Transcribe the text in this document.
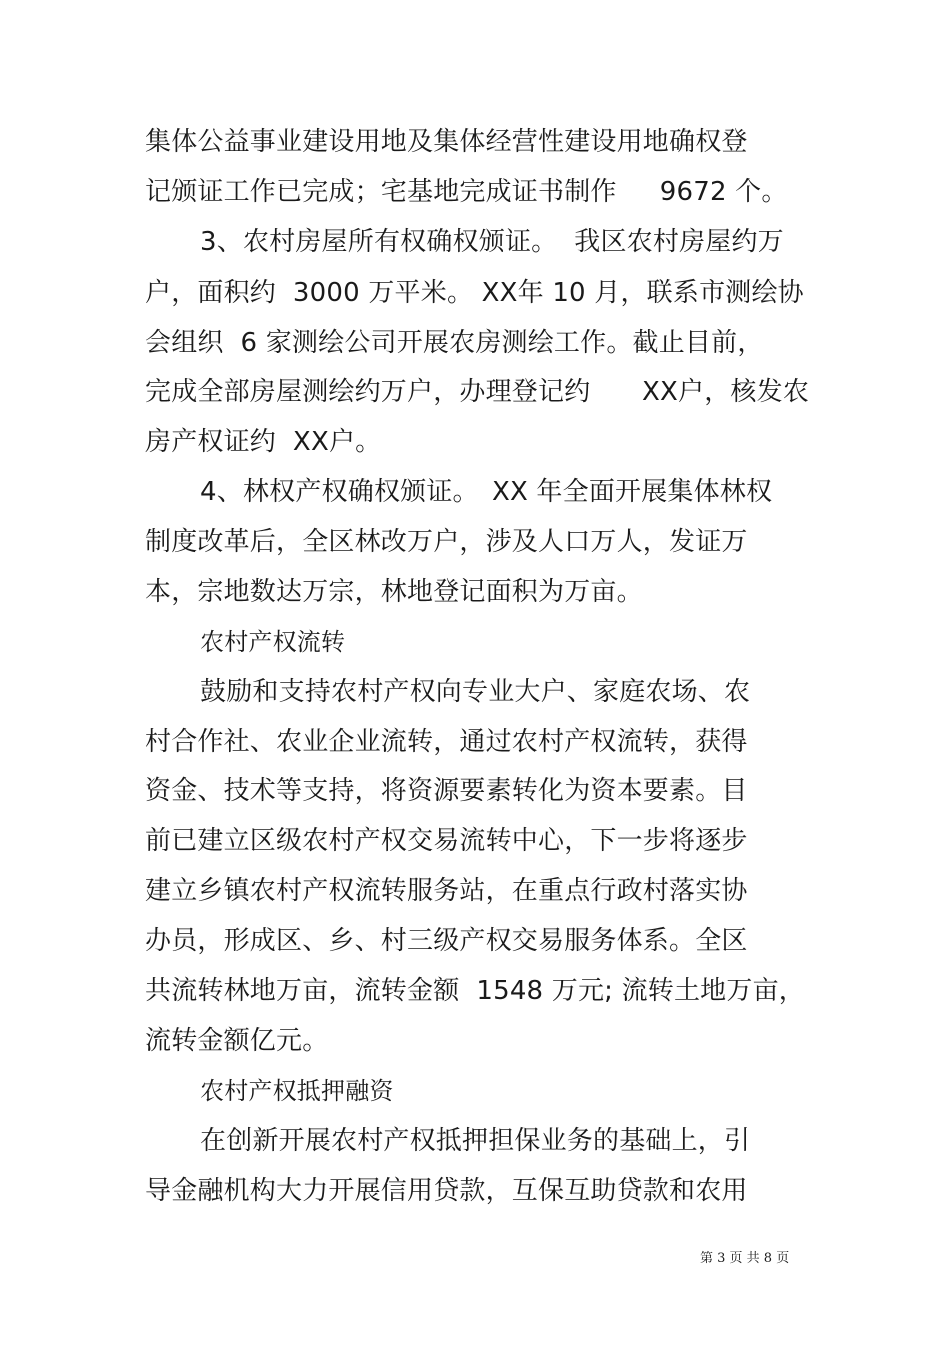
集体公益事业建设用地及集体经营性建设用地确权登
记颁证工作已完成；宅基地完成证书制作　  9672 个。
3、农村房屋所有权确权颁证。  我区农村房屋约万
户，面积约  3000 万平米。 XX年 10 月，联系市测绘协
会组织  6 家测绘公司开展农房测绘工作。截止目前，
完成全部房屋测绘约万户，办理登记约　   XX户，核发农
房产权证约  XX户。
4、林权产权确权颁证。　XX 年全面开展集体林权
制度改革后，全区林改万户，涉及人口万人，发证万
本，宗地数达万宗，林地登记面积为万亩。
农村产权流转
鼓励和支持农村产权向专业大户、家庭农场、农
村合作社、农业企业流转，通过农村产权流转，获得
资金、技术等支持，将资源要素转化为资本要素。目
前已建立区级农村产权交易流转中心，下一步将逐步
建立乡镇农村产权流转服务站，在重点行政村落实协
办员，形成区、乡、村三级产权交易服务体系。全区
共流转林地万亩，流转金额  1548 万元; 流转土地万亩，
流转金额亿元。
农村产权抵押融资
在创新开展农村产权抵押担保业务的基础上，引
导金融机构大力开展信用贷款，互保互助贷款和农用
第 3 页 共 8 页
